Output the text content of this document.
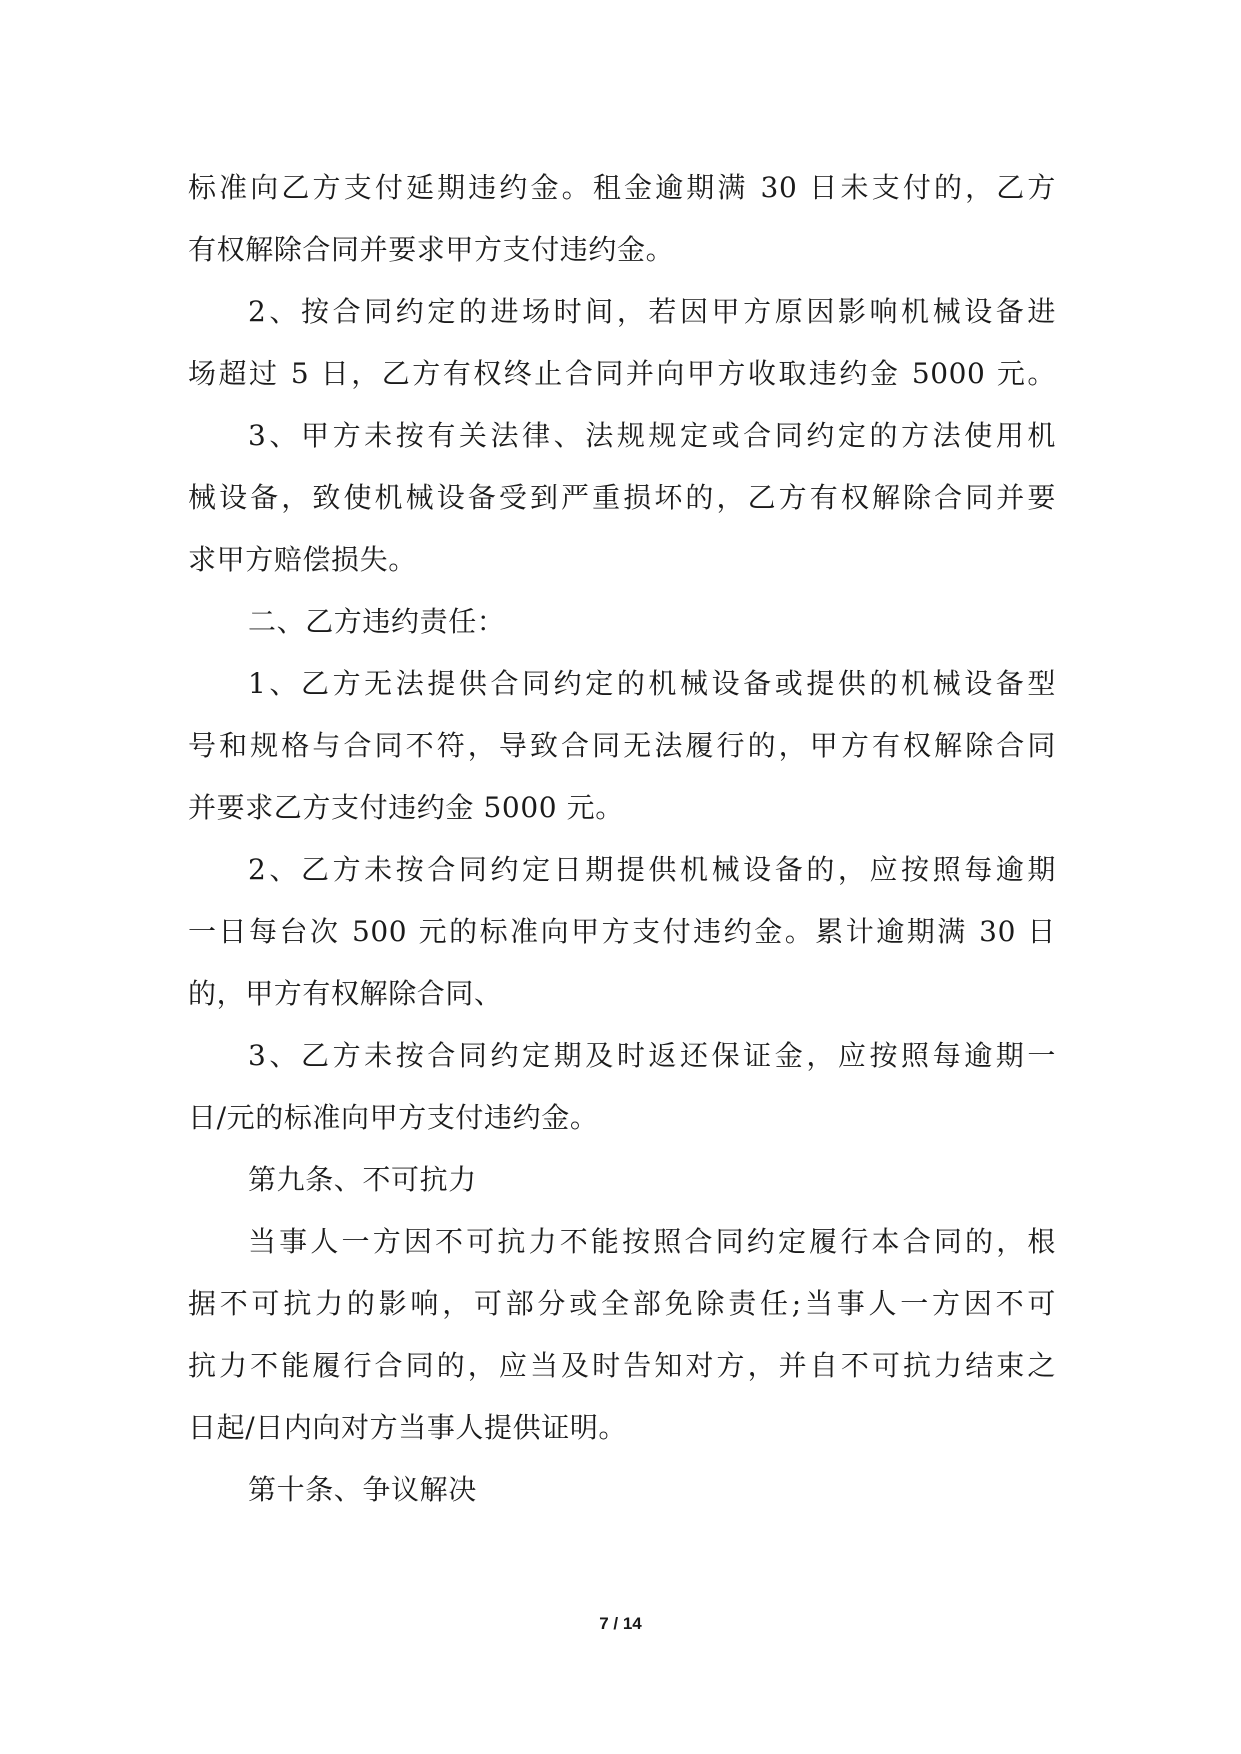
标准向乙方支付延期违约金。租金逾期满 30 日未支付的，乙方
有权解除合同并要求甲方支付违约金。
2、按合同约定的进场时间，若因甲方原因影响机械设备进
场超过 5 日，乙方有权终止合同并向甲方收取违约金 5000 元。
3、甲方未按有关法律、法规规定或合同约定的方法使用机
械设备，致使机械设备受到严重损坏的，乙方有权解除合同并要
求甲方赔偿损失。
二、乙方违约责任：
1、乙方无法提供合同约定的机械设备或提供的机械设备型
号和规格与合同不符，导致合同无法履行的，甲方有权解除合同
并要求乙方支付违约金 5000 元。
2、乙方未按合同约定日期提供机械设备的，应按照每逾期
一日每台次 500 元的标准向甲方支付违约金。累计逾期满 30 日
的，甲方有权解除合同、
3、乙方未按合同约定期及时返还保证金，应按照每逾期一
日/元的标准向甲方支付违约金。
第九条、不可抗力
当事人一方因不可抗力不能按照合同约定履行本合同的，根
据不可抗力的影响，可部分或全部免除责任;当事人一方因不可
抗力不能履行合同的，应当及时告知对方，并自不可抗力结束之
日起/日内向对方当事人提供证明。
第十条、争议解决
7 / 14
